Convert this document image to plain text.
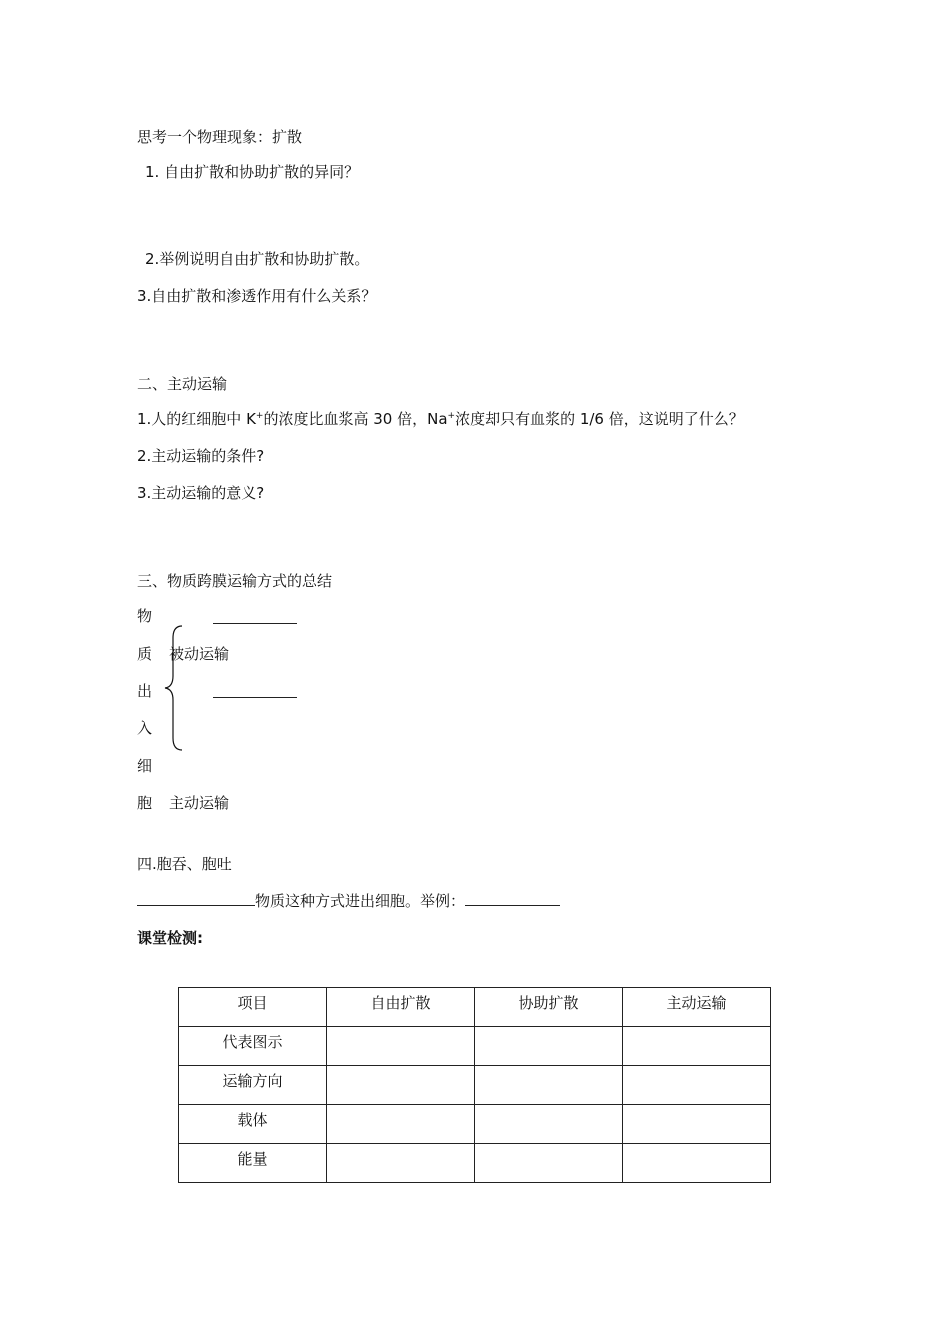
思考一个物理现象：扩散
1. 自由扩散和协助扩散的异同？
2.举例说明自由扩散和协助扩散。
3.自由扩散和渗透作用有什么关系？
二、主动运输
1.人的红细胞中 K+的浓度比血浆高 30 倍，Na+浓度却只有血浆的 1/6 倍，这说明了什么？
2.主动运输的条件?
3.主动运输的意义?
三、物质跨膜运输方式的总结
物
质
出
入
细
胞
被动运输
主动运输
四.胞吞、胞吐
物质这种方式进出细胞。举例：
课堂检测:
项目	自由扩散	协助扩散	主动运输

代表图示			

运输方向			

载体			

能量			
